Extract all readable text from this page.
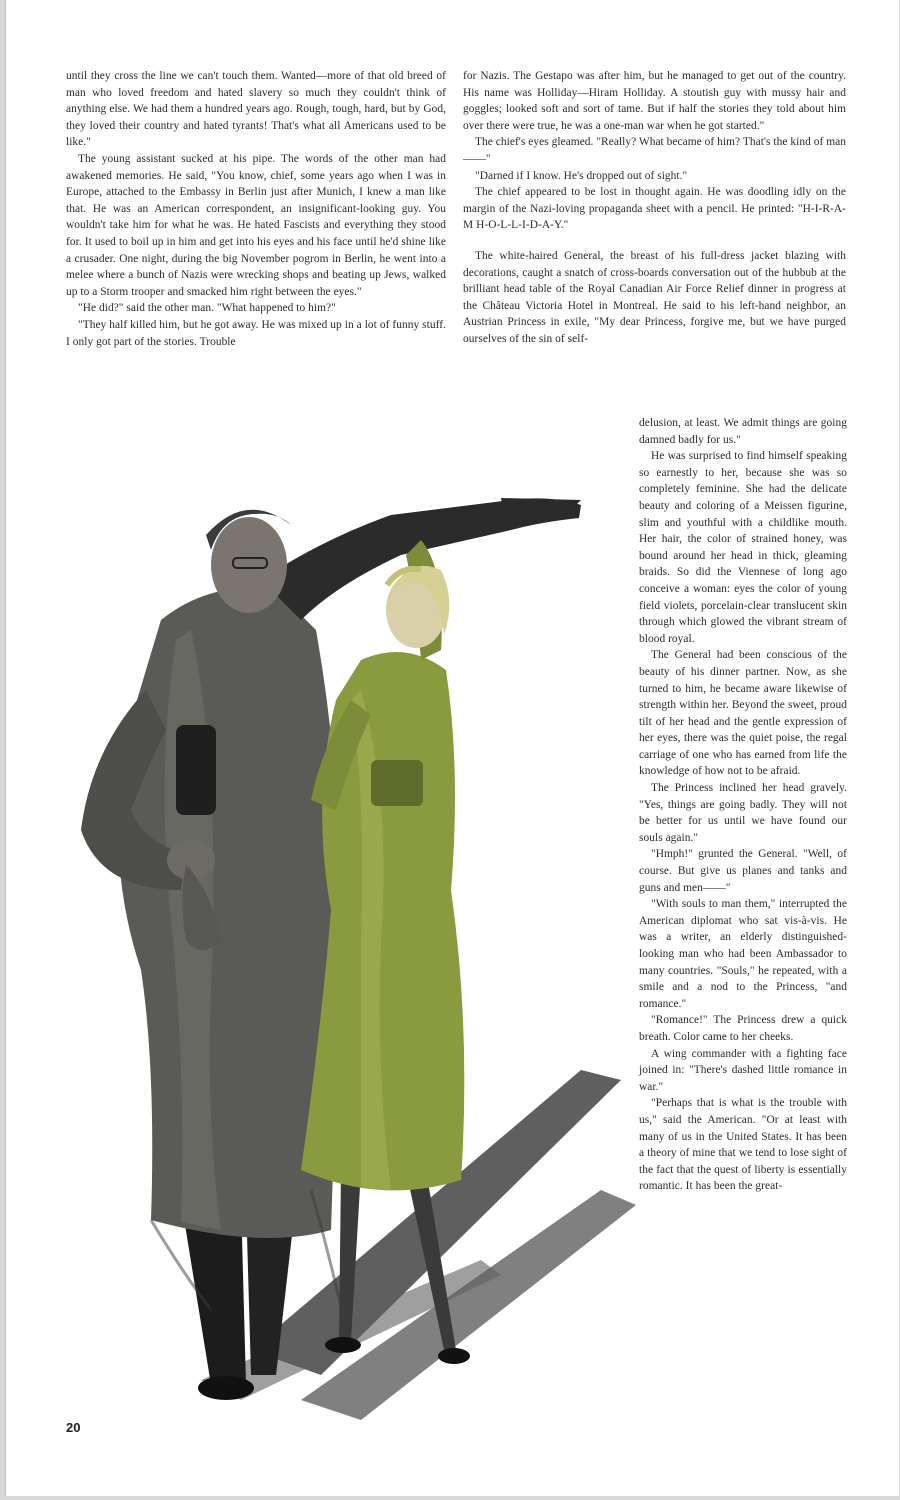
until they cross the line we can't touch them. Wanted—more of that old breed of man who loved freedom and hated slavery so much they couldn't think of anything else. We had them a hundred years ago. Rough, tough, hard, but by God, they loved their country and hated tyrants! That's what all Americans used to be like."

The young assistant sucked at his pipe. The words of the other man had awakened memories. He said, "You know, chief, some years ago when I was in Europe, attached to the Embassy in Berlin just after Munich, I knew a man like that. He was an American correspondent, an insignificant-looking guy. You wouldn't take him for what he was. He hated Fascists and everything they stood for. It used to boil up in him and get into his eyes and his face until he'd shine like a crusader. One night, during the big November pogrom in Berlin, he went into a melee where a bunch of Nazis were wrecking shops and beating up Jews, walked up to a Storm trooper and smacked him right between the eyes."

"He did?" said the other man. "What happened to him?"

"They half killed him, but he got away. He was mixed up in a lot of funny stuff. I only got part of the stories. Trouble

for Nazis. The Gestapo was after him, but he managed to get out of the country. His name was Holliday—Hiram Holliday. A stoutish guy with mussy hair and goggles; looked soft and sort of tame. But if half the stories they told about him over there were true, he was a one-man war when he got started."

The chief's eyes gleamed. "Really? What became of him? That's the kind of man——"

"Darned if I know. He's dropped out of sight."

The chief appeared to be lost in thought again. He was doodling idly on the margin of the Nazi-loving propaganda sheet with a pencil. He printed: "H-I-R-A-M H-O-L-L-I-D-A-Y."

The white-haired General, the breast of his full-dress jacket blazing with decorations, caught a snatch of cross-boards conversation out of the hubbub at the brilliant head table of the Royal Canadian Air Force Relief dinner in progress at the Château Victoria Hotel in Montreal. He said to his left-hand neighbor, an Austrian Princess in exile, "My dear Princess, forgive me, but we have purged ourselves of the sin of self-

delusion, at least. We admit things are going damned badly for us."

He was surprised to find himself speaking so earnestly to her, because she was so completely feminine. She had the delicate beauty and coloring of a Meissen figurine, slim and youthful with a childlike mouth. Her hair, the color of strained honey, was bound around her head in thick, gleaming braids. So did the Viennese of long ago conceive a woman: eyes the color of young field violets, porcelain-clear translucent skin through which glowed the vibrant stream of blood royal.

The General had been conscious of the beauty of his dinner partner. Now, as she turned to him, he became aware likewise of strength within her. Beyond the sweet, proud tilt of her head and the gentle expression of her eyes, there was the quiet poise, the regal carriage of one who has earned from life the knowledge of how not to be afraid.

The Princess inclined her head gravely. "Yes, things are going badly. They will not be better for us until we have found our souls again."

"Hmph!" grunted the General. "Well, of course. But give us planes and tanks and guns and men——"

"With souls to man them," interrupted the American diplomat who sat vis-à-vis. He was a writer, an elderly distinguished-looking man who had been Ambassador to many countries. "Souls," he repeated, with a smile and a nod to the Princess, "and romance."

"Romance!" The Princess drew a quick breath. Color came to her cheeks.

A wing commander with a fighting face joined in: "There's dashed little romance in war."

"Perhaps that is what is the trouble with us," said the American. "Or at least with many of us in the United States. It has been a theory of mine that we tend to lose sight of the fact that the quest of liberty is essentially romantic. It has been the great-

20
